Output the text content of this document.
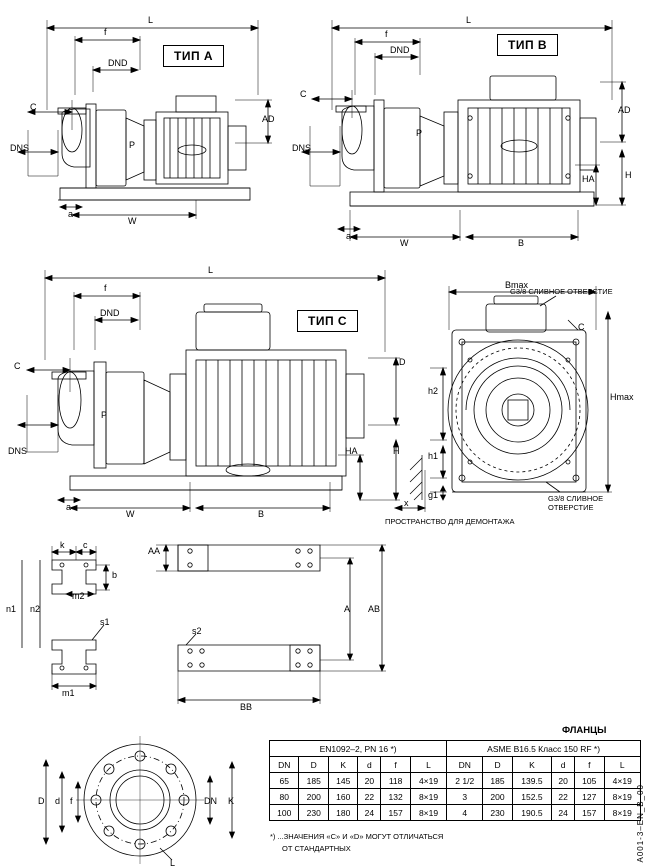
ТИП А
L
f
DND
C
DNS
AD
P
a
W
ТИП B
L
f
DND
C
DNS
AD
P
HA	H
a
W	B
ТИП C
L
f
DND
C
DNS
AD
P
HA	H
a
W	B
x
Bmax
C
h2
h1
g1
Hmax
G3/8 СЛИВНОЕ ОТВЕРСТИЕ
G3/8 СЛИВНОЕ
ОТВЕРСТИЕ
ПРОСТРАНСТВО ДЛЯ ДЕМОНТАЖА
k c
b
m2
m1
n1 n2
s1
s2
AA
A AB
BB
D d f	DN K
L
ФЛАНЦЫ
EN1092–2, PN 16 *)						ASME B16.5 Класс 150 RF *)					
DN	D	K	d	f	L	DN	D	K	d	f	L
65	185	145	20	118	4×19	2 1/2	185	139.5	20	105	4×19
80	200	160	22	132	8×19	3	200	152.5	22	127	8×19
100	230	180	24	157	8×19	4	230	190.5	24	157	8×19
*) ...ЗНАЧЕНИЯ «C» И «D» МОГУТ ОТЛИЧАТЬСЯ
ОТ СТАНДАРТНЫХ	A001-3–EN_B_00
